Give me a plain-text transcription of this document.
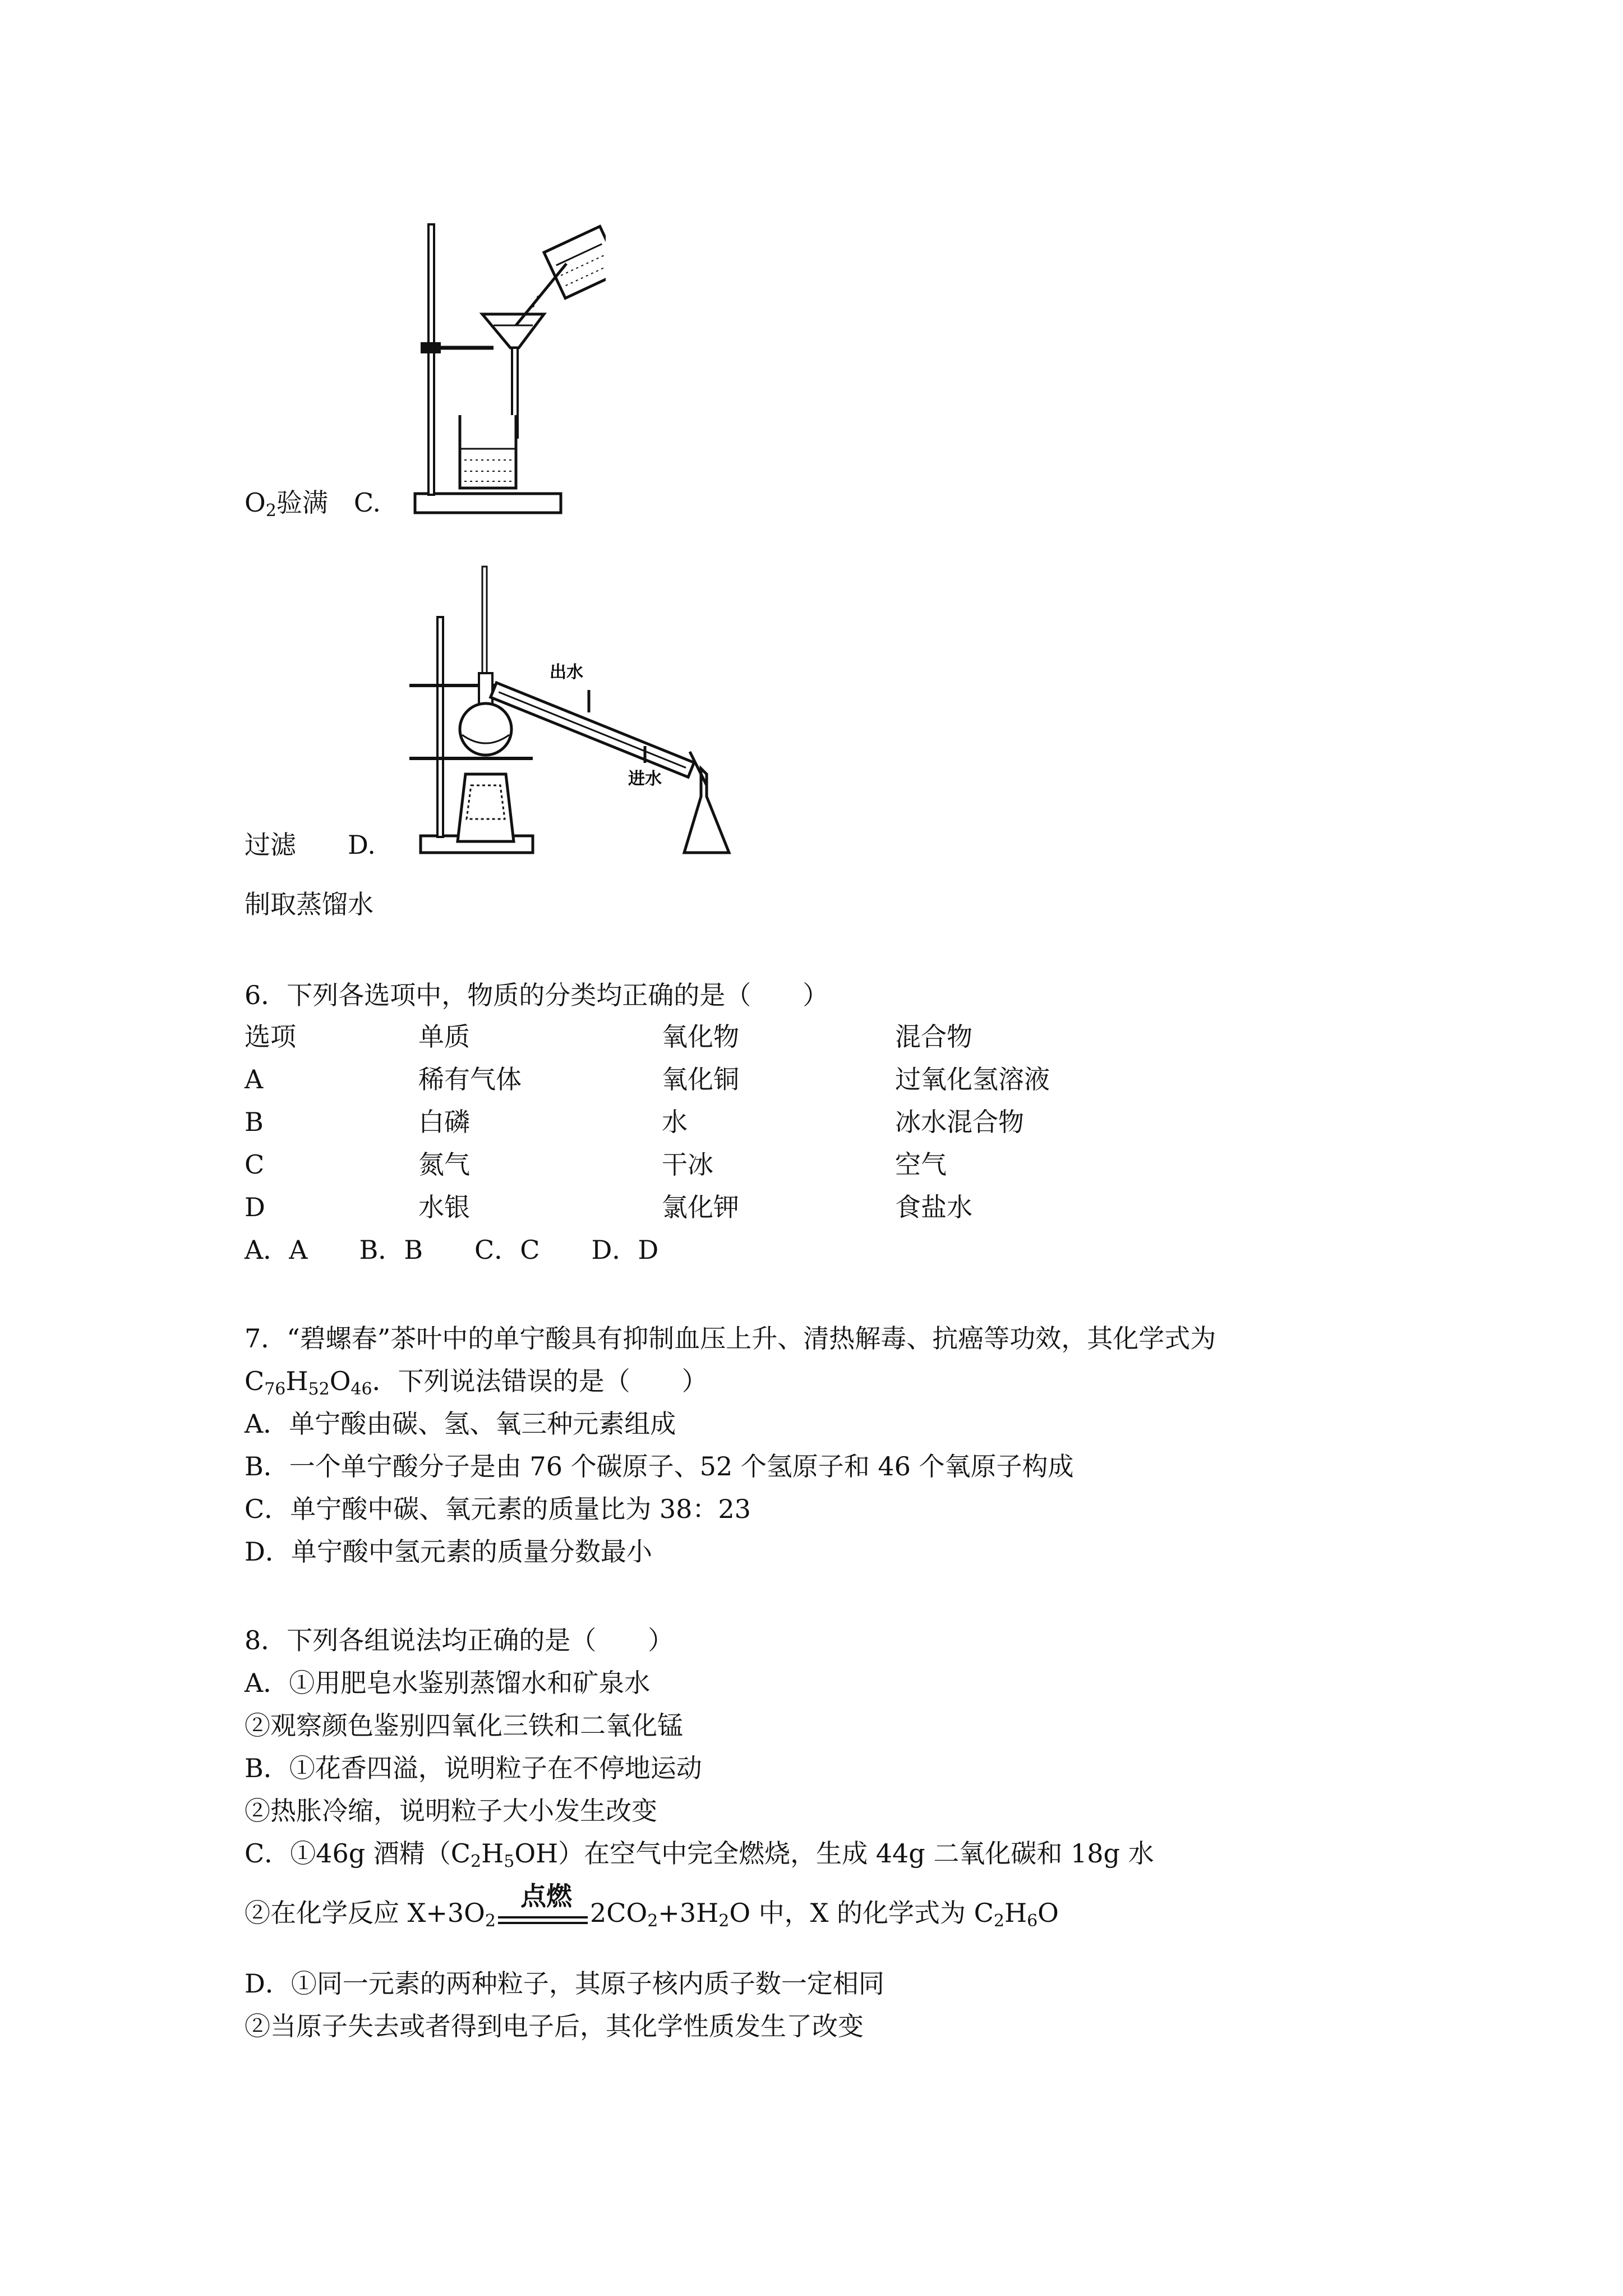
$O_2$验满　 C.
出水
进水
过滤　　 D.
制取蒸馏水
6．下列各选项中，物质的分类均正确的是（　　）
选项	单质	氧化物	混合物
A	稀有气体	氧化铜	过氧化氢溶液
B	白磷	水	冰水混合物
C	氮气	干冰	空气
D	水银	氯化钾	食盐水
A．A　　B．B　　C．C　　D．D
7．“碧螺春”茶叶中的单宁酸具有抑制血压上升、清热解毒、抗癌等功效，其化学式为
$C_{76}H_{52}O_{46}$．下列说法错误的是（　　）
A．单宁酸由碳、氢、氧三种元素组成
B．一个单宁酸分子是由 76 个碳原子、52 个氢原子和 46 个氧原子构成
C．单宁酸中碳、氧元素的质量比为 38：23
D．单宁酸中氢元素的质量分数最小
8．下列各组说法均正确的是（　　）
A．①用肥皂水鉴别蒸馏水和矿泉水
②观察颜色鉴别四氧化三铁和二氧化锰
B．①花香四溢，说明粒子在不停地运动
②热胀冷缩，说明粒子大小发生改变
C．①46g 酒精$(C_2H_5OH)$在空气中完全燃烧，生成 44g 二氧化碳和 18g 水
②在化学反应 $X+3O_2$
点燃
$2CO_2+3H_2O$ 中，X 的化学式为 $C_2H_6O$
D．①同一元素的两种粒子，其原子核内质子数一定相同
②当原子失去或者得到电子后，其化学性质发生了改变
